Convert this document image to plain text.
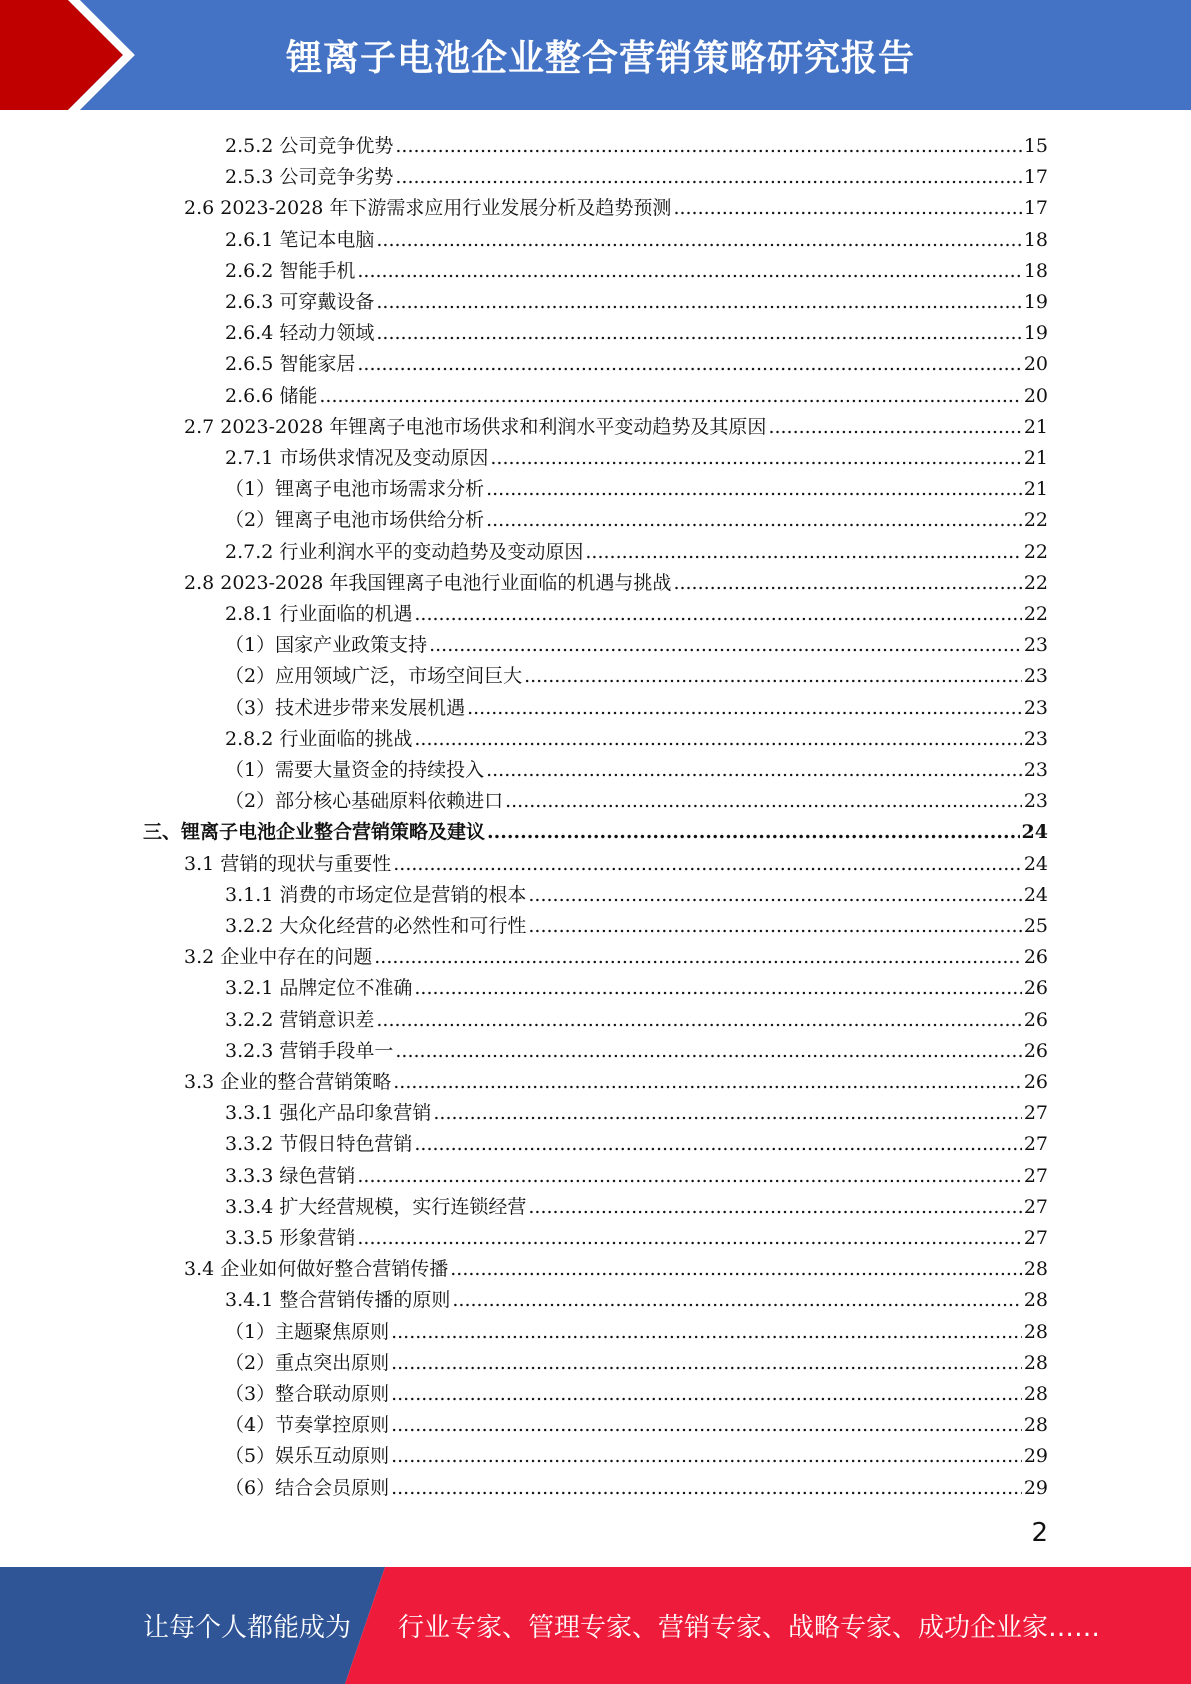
锂离子电池企业整合营销策略研究报告
2.5.2 公司竞争优势 .....	15
2.5.3 公司竞争劣势 .....	17
2.6 2023-2028 年下游需求应用行业发展分析及趋势预测 .....	17
2.6.1 笔记本电脑 .....	18
2.6.2 智能手机 .....	18
2.6.3 可穿戴设备 .....	19
2.6.4 轻动力领域 .....	19
2.6.5 智能家居 .....	20
2.6.6 储能 .....	20
2.7 2023-2028 年锂离子电池市场供求和利润水平变动趋势及其原因 .....	21
2.7.1 市场供求情况及变动原因 .....	21
（1）锂离子电池市场需求分析 .....	21
（2）锂离子电池市场供给分析 .....	22
2.7.2 行业利润水平的变动趋势及变动原因 .....	22
2.8 2023-2028 年我国锂离子电池行业面临的机遇与挑战 .....	22
2.8.1 行业面临的机遇 .....	22
（1）国家产业政策支持 .....	23
（2）应用领域广泛，市场空间巨大 .....	23
（3）技术进步带来发展机遇 .....	23
2.8.2 行业面临的挑战 .....	23
（1）需要大量资金的持续投入 .....	23
（2）部分核心基础原料依赖进口 .....	23
三、锂离子电池企业整合营销策略及建议 .....	24
3.1 营销的现状与重要性 .....	24
3.1.1 消费的市场定位是营销的根本 .....	24
3.2.2 大众化经营的必然性和可行性 .....	25
3.2 企业中存在的问题 .....	26
3.2.1 品牌定位不准确 .....	26
3.2.2 营销意识差 .....	26
3.2.3 营销手段单一 .....	26
3.3 企业的整合营销策略 .....	26
3.3.1 强化产品印象营销 .....	27
3.3.2 节假日特色营销 .....	27
3.3.3 绿色营销 .....	27
3.3.4 扩大经营规模，实行连锁经营 .....	27
3.3.5 形象营销 .....	27
3.4 企业如何做好整合营销传播 .....	28
3.4.1 整合营销传播的原则 .....	28
（1）主题聚焦原则 .....	28
（2）重点突出原则 .....	28
（3）整合联动原则 .....	28
（4）节奏掌控原则 .....	28
（5）娱乐互动原则 .....	29
（6）结合会员原则 .....	29
2
让每个人都能成为 行业专家、管理专家、营销专家、战略专家、成功企业家……
